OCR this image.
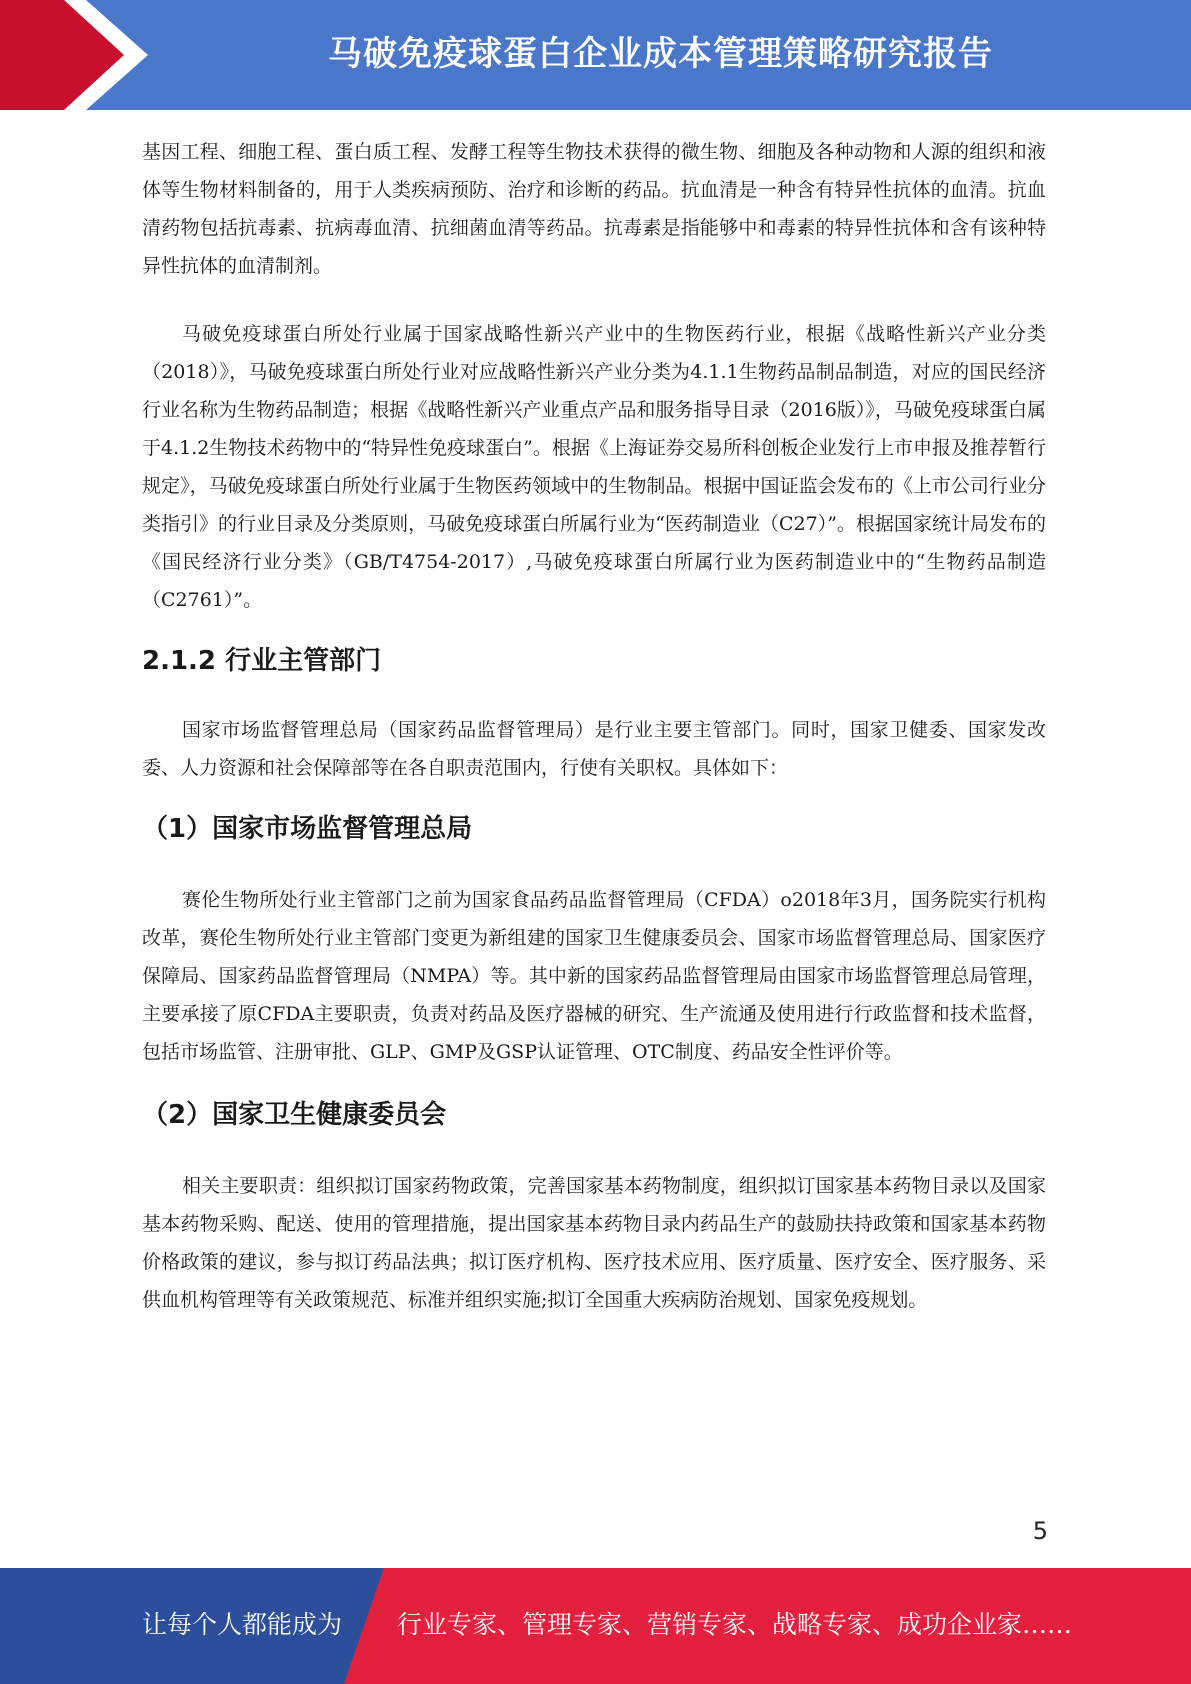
马破免疫球蛋白企业成本管理策略研究报告

基因工程、细胞工程、蛋白质工程、发酵工程等生物技术获得的微生物、细胞及各种动物和人源的组织和液体等生物材料制备的，用于人类疾病预防、治疗和诊断的药品。抗血清是一种含有特异性抗体的血清。抗血清药物包括抗毒素、抗病毒血清、抗细菌血清等药品。抗毒素是指能够中和毒素的特异性抗体和含有该种特异性抗体的血清制剂。

马破免疫球蛋白所处行业属于国家战略性新兴产业中的生物医药行业，根据《战略性新兴产业分类（2018）》，马破免疫球蛋白所处行业对应战略性新兴产业分类为4.1.1生物药品制品制造，对应的国民经济行业名称为生物药品制造；根据《战略性新兴产业重点产品和服务指导目录（2016版）》，马破免疫球蛋白属于4.1.2生物技术药物中的“特异性免疫球蛋白”。根据《上海证券交易所科创板企业发行上市申报及推荐暂行规定》，马破免疫球蛋白所处行业属于生物医药领域中的生物制品。根据中国证监会发布的《上市公司行业分类指引》的行业目录及分类原则，马破免疫球蛋白所属行业为“医药制造业（C27）”。根据国家统计局发布的《国民经济行业分类》（GB/T4754-2017）,马破免疫球蛋白所属行业为医药制造业中的“生物药品制造（C2761）”。

2.1.2 行业主管部门

国家市场监督管理总局（国家药品监督管理局）是行业主要主管部门。同时，国家卫健委、国家发改委、人力资源和社会保障部等在各自职责范围内，行使有关职权。具体如下：

（1）国家市场监督管理总局

赛伦生物所处行业主管部门之前为国家食品药品监督管理局（CFDA）o2018年3月，国务院实行机构改革，赛伦生物所处行业主管部门变更为新组建的国家卫生健康委员会、国家市场监督管理总局、国家医疗保障局、国家药品监督管理局（NMPA）等。其中新的国家药品监督管理局由国家市场监督管理总局管理，主要承接了原CFDA主要职责，负责对药品及医疗器械的研究、生产流通及使用进行行政监督和技术监督，包括市场监管、注册审批、GLP、GMP及GSP认证管理、OTC制度、药品安全性评价等。

（2）国家卫生健康委员会

相关主要职责：组织拟订国家药物政策，完善国家基本药物制度，组织拟订国家基本药物目录以及国家基本药物采购、配送、使用的管理措施，提出国家基本药物目录内药品生产的鼓励扶持政策和国家基本药物价格政策的建议，参与拟订药品法典；拟订医疗机构、医疗技术应用、医疗质量、医疗安全、医疗服务、采供血机构管理等有关政策规范、标准并组织实施;拟订全国重大疾病防治规划、国家免疫规划。

5
让每个人都能成为 行业专家、管理专家、营销专家、战略专家、成功企业家……
